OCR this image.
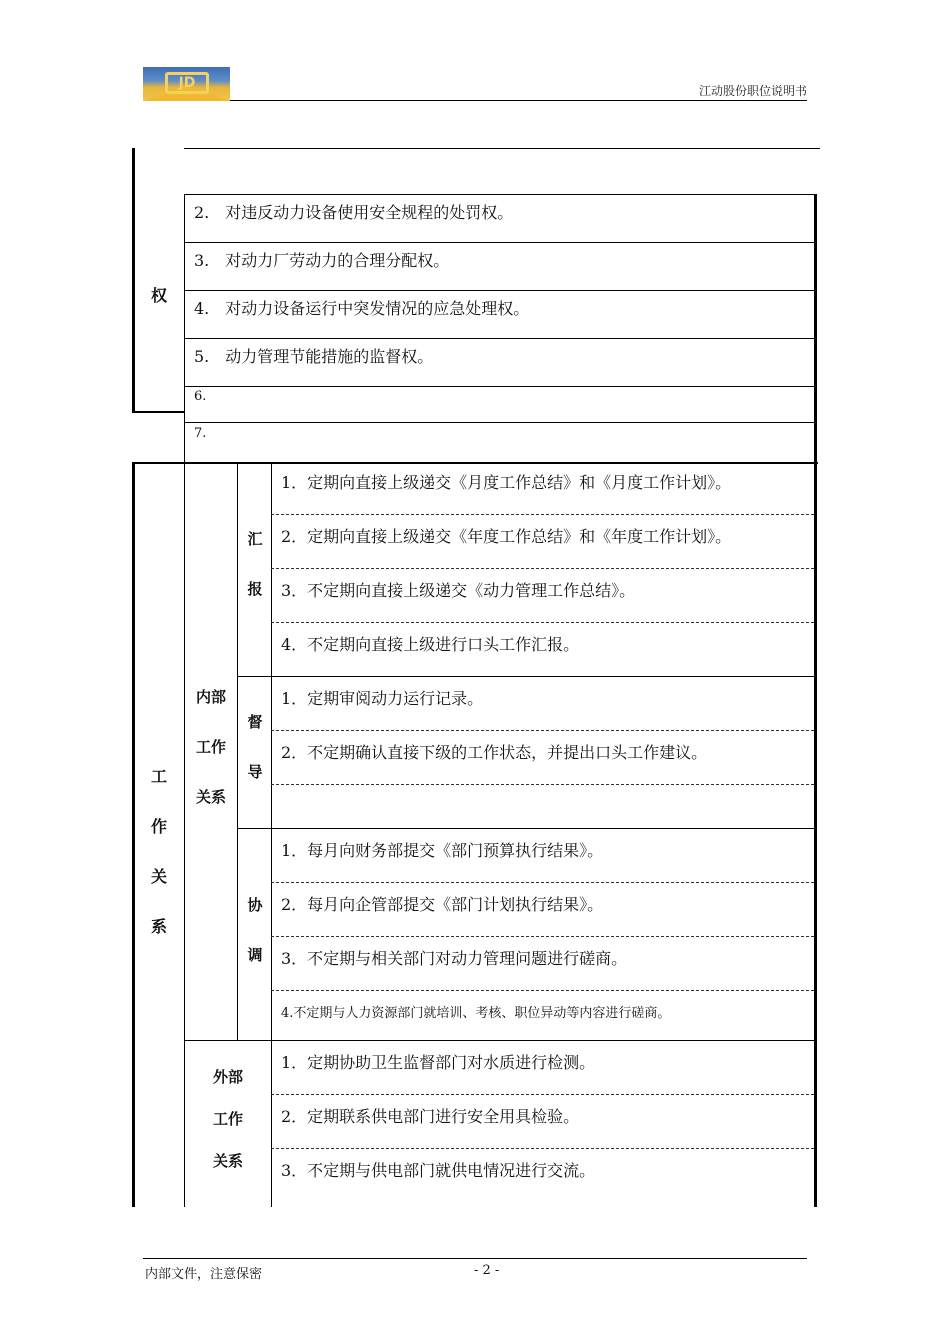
JD	江动股份职位说明书
权
2.　对违反动力设备使用安全规程的处罚权。
3.　对动力厂劳动力的合理分配权。
4.　对动力设备运行中突发情况的应急处理权。
5.　动力管理节能措施的监督权。
6.
7.
工
作
关
系
内部
工作
关系
汇
报
督
导
协
调
1．定期向直接上级递交《月度工作总结》和《月度工作计划》。
2．定期向直接上级递交《年度工作总结》和《年度工作计划》。
3．不定期向直接上级递交《动力管理工作总结》。
4．不定期向直接上级进行口头工作汇报。
1．定期审阅动力运行记录。
2．不定期确认直接下级的工作状态，并提出口头工作建议。
1．每月向财务部提交《部门预算执行结果》。
2．每月向企管部提交《部门计划执行结果》。
3．不定期与相关部门对动力管理问题进行磋商。
4.不定期与人力资源部门就培训、考核、职位异动等内容进行磋商。
外部
工作
关系
1．定期协助卫生监督部门对水质进行检测。
2．定期联系供电部门进行安全用具检验。
3．不定期与供电部门就供电情况进行交流。
内部文件，注意保密	- 2 -
